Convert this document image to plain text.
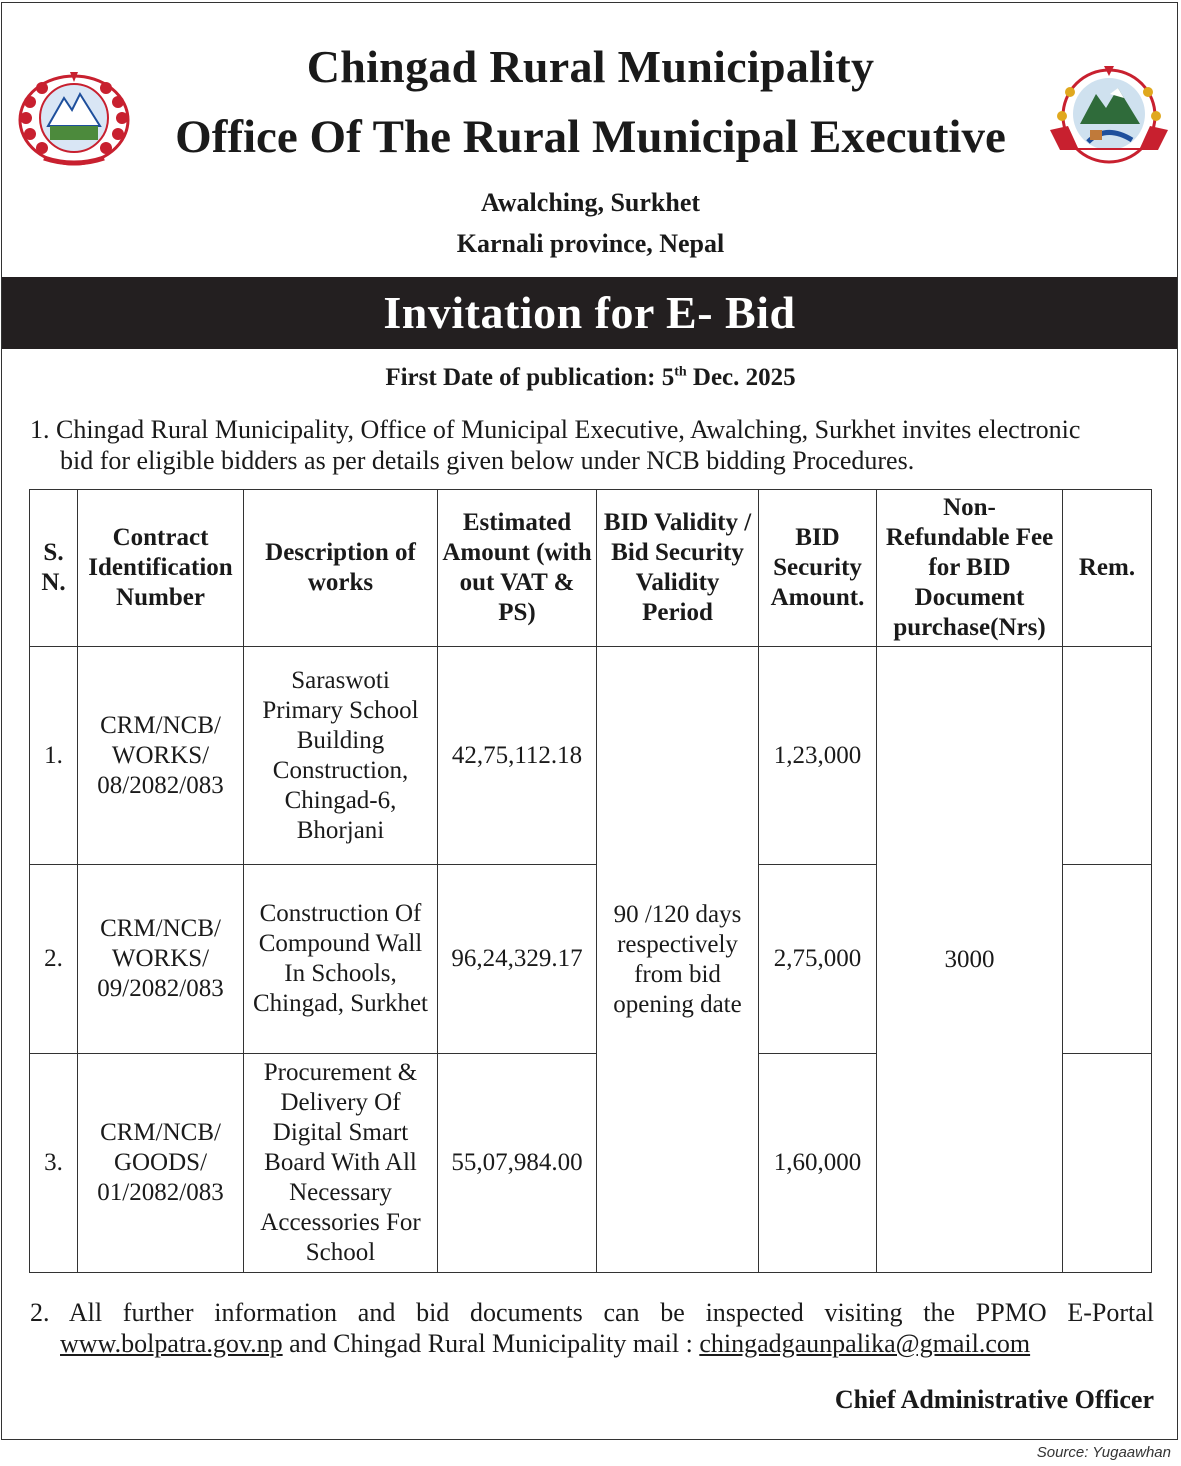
Chingad Rural Municipality
Office Of The Rural Municipal Executive
Awalching, Surkhet
Karnali province, Nepal
Invitation for E- Bid
First Date of publication: 5th Dec. 2025
1. Chingad Rural Municipality, Office of Municipal Executive, Awalching, Surkhet invites electronic
bid for eligible bidders as per details given below under NCB bidding Procedures.
S. N.	Contract Identification Number	Description of works	Estimated Amount (with out VAT & PS)	BID Validity / Bid Security Validity Period	BID Security Amount.	Non- Refundable Fee for BID Document purchase(Nrs)	Rem.
1.	CRM/NCB/ WORKS/ 08/2082/083	Saraswoti Primary School Building Construction, Chingad-6, Bhorjani	42,75,112.18	90 /120 days respectively from bid opening date	1,23,000	3000	
2.	CRM/NCB/ WORKS/ 09/2082/083	Construction Of Compound Wall In Schools, Chingad, Surkhet	96,24,329.17		2,75,000		
3.	CRM/NCB/ GOODS/ 01/2082/083	Procurement & Delivery Of Digital Smart Board With All Necessary Accessories For School	55,07,984.00		1,60,000		
2. All further information and bid documents can be inspected visiting the PPMO E-Portal
www.bolpatra.gov.np and Chingad Rural Municipality mail : chingadgaunpalika@gmail.com
Chief Administrative Officer
Source: Yugaawhan
